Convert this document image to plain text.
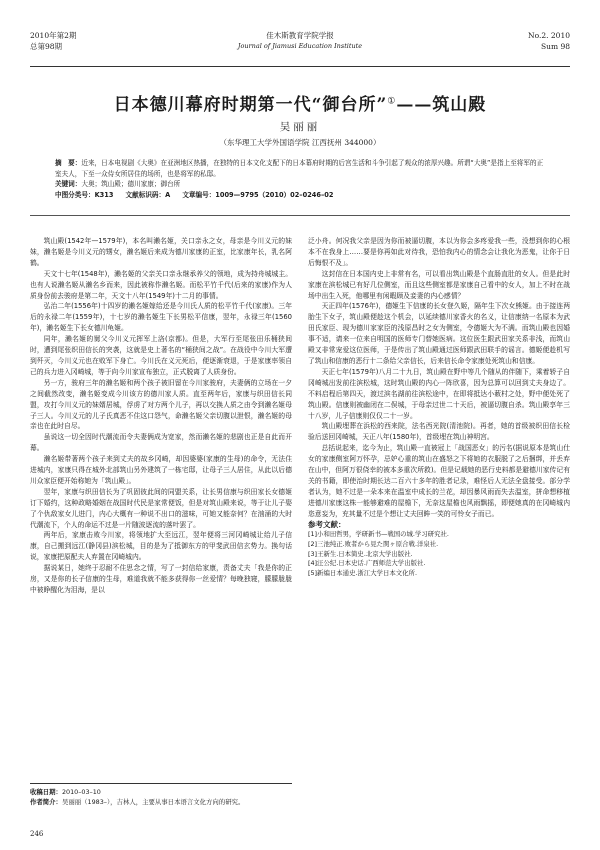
2010年第2期
总第98期
佳木斯教育学院学报
Journal of Jiamusi Education Institute
No.2. 2010
Sum 98
日本德川幕府时期第一代“御台所”①——筑山殿
吴丽丽
（东华理工大学外国语学院 江西抚州 344000）

摘　要：近来，日本电视剧《大奥》在亚洲地区热播，在独特的日本文化支配下的日本幕府时期的后宫生活和斗争引起了观众的浓厚兴趣。所谓“大奥”是指上至将军的正室夫人，下至一众侍女所居住的场所，也是将军的私邸。

关键词：大奥；筑山殿；德川家康；御台所

中图分类号：K313 文献标识码：A 文章编号：1009—9795（2010）02–0246–02

筑山殿(1542年—1579年)，本名叫濑名姬，关口亲永之女，母亲是今川义元的妹妹，濑名姬是今川义元的甥女，濑名姬后来成为德川家康的正室，比家康年长，乳名阿鹤。

天文十七年(1548年)，濑名姬的父亲关口亲永继承养父的领地，成为持舟城城主。也有人说濑名姬从濑名乡而来，因此被称作濑名姬。而松平竹千代(后来的家康)作为人质身份前去骏府是第二年，天文十八年(1549年)十二月的事情。

弘治二年(1556年)十四岁的濑名姬嫁给还是今川氏人质的松平竹千代(家康)。三年后的永禄二年(1559年)，十七岁的濑名姬生下长男松平信康，翌年，永禄三年(1560年)，濑名姬生下长女德川龟姬。

同年，濑名姬的舅父今川义元挥军上洛(京都)。但是，大军行至尾张田乐桶狭间时，遭到尾张织田信长的突袭，这就是史上著名的“桶狭间之战”。在战役中今川大军遭到歼灭，今川义元也在败军下身亡。今川氏在义元死后，便逐渐衰退，于是家康率领自己的兵力进入冈崎城，等于向今川家宣布独立，正式脱离了人质身份。

另一方，骏府三年的濑名姬和两个孩子被旧留在今川家骏府，夫妻俩的立场在一夕之间截然改变，濑名姬变成今川该方的德川家人质。直至两年后，家康与织田信长同盟，攻打今川义元的妹婿居城，俘虏了对方两个儿子，再以交换人质之由令到濑名姬母子三人。今川义元的儿子氏真恶不住这口怨气，命濑名姬父亲切腹以泄恨，濑名姬的母亲也在此时自尽。

虽说这一切全因时代潮流而令夫妻俩成为宽家，然而濑名姬的悲剧也正是自此而开幕。

濑名姬带著两个孩子来到丈夫的故乡冈崎，却因婆婆(家康的生母)的命令，无法住进城内，家康只得在城外北部筑山另外建筑了一栋宅邸，让母子三人居住，从此以后德川众家臣便开始称她为「筑山殿」。

翌年，家康与织田信长为了巩固彼此间的同盟关系，让长男信康与织田家长女德姬订下婚约，这种政略婚姻在战国时代民是家常便饭，但是对筑山殿来说，等于让儿子娶了个仇敌家女儿进门，内心大概有一种说不出口的滋味，可她又能奈何？在汹涌的大时代潮流下，个人的命运不过是一片随波逐流的落叶罢了。

两年后，家康击败今川家，将领地扩大至远江，翌年便将三河冈崎城让给儿子信康，自己搬到远江(静冈县)滨松城，目的是为了抵御东方的甲斐武田信玄势力。换句话说，家康把原配夫人弃置在冈崎城内。

据说某日，她终于忍耐不住思念之情，写了一封信给家康，责备丈夫「我是你的正房，又是你的长子信康的生母，难道我就不能多获得你一丝爱情？每晚独寝，朦朦胧胧中被睁醒化为泪海，是以

泛小舟。何况我父亲是因为你而被逼切腹，本以为你会多疼爱我一些，没想到你的心根本不在我身上……要是你再如此对待我，恐怕我内心的情念会让我化为恶鬼，让你于日后悔恨不及」。

这封信在日本国内史上非常有名，可以看出筑山殿是个直肠直肚的女人。但是此时家康在滨松城已有好几位侧室，而且这些侧室都是家康自己看中的女人，加上不时在战场中出生入死，他哪里有闲暇顾及妾妻的内心感情？

天正四年(1576年)，德姬生下信康的长女登久姬，隔年生下次女熊姬。由于接连两胎生下女子，筑山殿便趁这个机会，以延续德川家香火的名义，让信康纳一名原本为武田氏家臣、现为德川家家臣的浅原昌时之女为侧室，令德姬大为不满。而筑山殿也因婚事不适，请来一位来自明国的医师专门替她医病。这位医生跟武田家关系非浅，而筑山殿又非常宠爱这位医师，于是传出了筑山殿通过医师跟武田联手的谣言。德姬便趁机写了筑山和信康的恶行十二条给父亲信长，后来信长命令家康处死筑山和信康。

天正七年(1579年)八月二十九日，筑山殿在野中等几个随从的伴随下，乘着轿子自冈崎城出发前往滨松城，这时筑山殿的内心一阵欣喜，因为总算可以回到丈夫身边了。不料启程后第四天，渡过滨名湖前往滨松途中，在即将抵达小薮村之处，野中便处死了筑山殿。信康则被幽闭在二俣城，于母亲过世二十天后，被逼切腹自杀。筑山殿享年三十八岁，儿子信康则仅仅二十一岁。

筑山殿埋葬在浜松的西来院，法名西光院(清池院)。再者，她的首级被织田信长检验后送回冈崎城，天正八年(1580年)，首级埋在筑山神明宫。

总括说起来，迄今为止，筑山殿一直被冠上「战国恶女」的污名(据说原本是筑山仕女的家康侧室阿万怀孕，忌妒心重的筑山在盛怒之下将她的衣服脱了之后捆绑，并丢弃在山中，但阿万很侥幸的被本多重次所救)。但是记载她的恶行史料都是避德川家传记有关的书籍，即使治时期长达二百六十多年的胜者记录，难怪后人无法全盘接受。部分学者认为，她不过是一朵本来在温室中成长的兰花，却因暴风雨而失去温室，拼命想移植进德川家康这株一能够避难的屋檐下，无奈这屋檐也风雨飘摇，即便她真的在冈崎城内恣意妄为，充其量不过是个想让丈夫回眸一笑的可怜女子而已。

参考文献：

[1]小和田哲男，学研新书—戦国の城.学习研究社.

[2]三池纯正.败者から見た関ヶ原合戦.洋泉社.

[3]王新生.日本简史.北京大学出版社.

[4]汪公纪.日本史话.广西师范大学出版社.

[5]新编日本通史.浙江大学日本文化所.

收稿日期：2010–03–10
作者简介：吴丽丽（1983–），吉林人，主要从事日本语言文化方向的研究。
246
